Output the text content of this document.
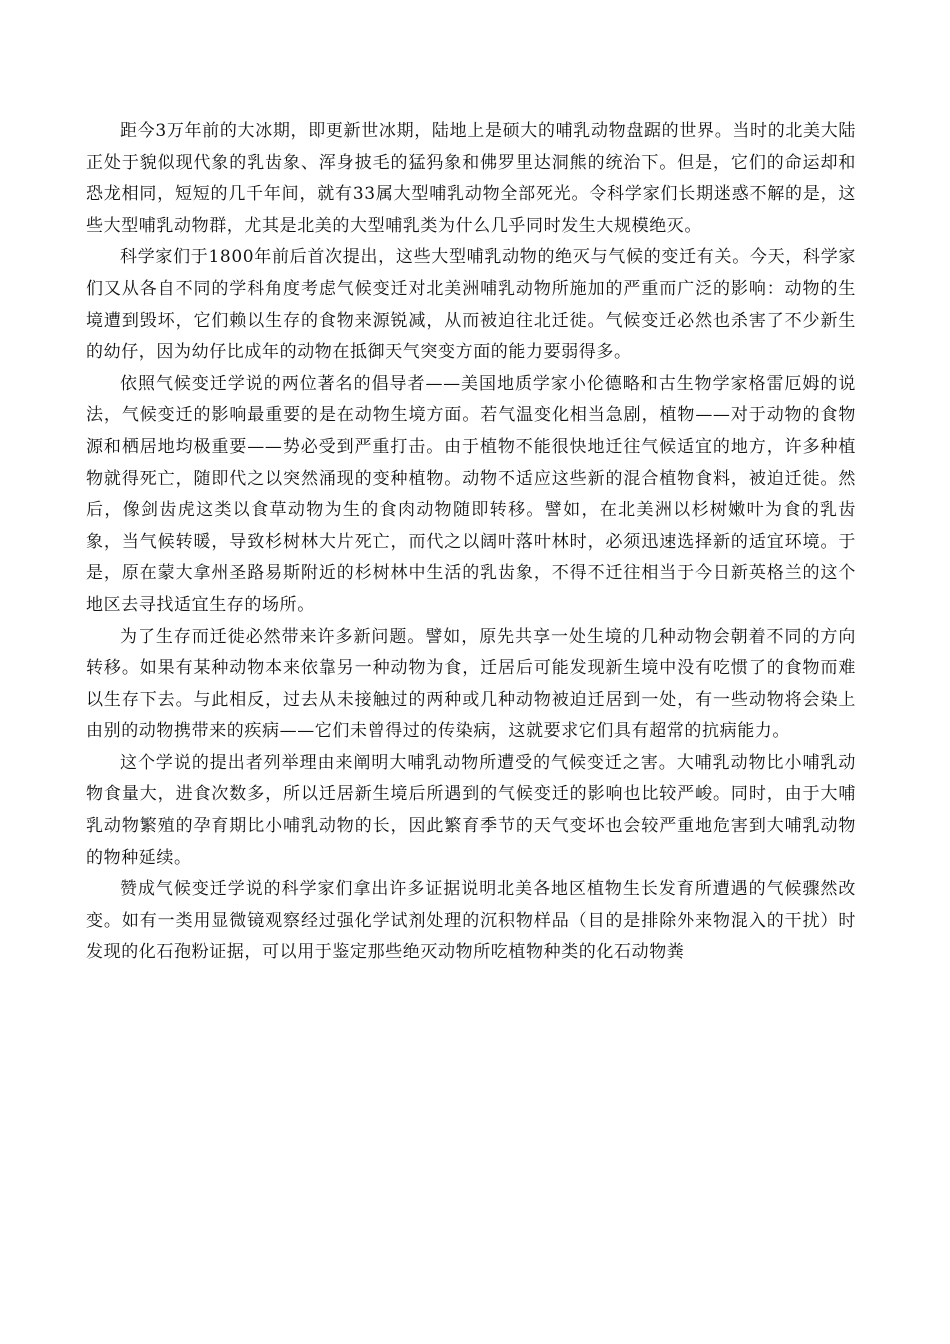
距今3万年前的大冰期，即更新世冰期，陆地上是硕大的哺乳动物盘踞的世界。当时的北美大陆正处于貌似现代象的乳齿象、浑身披毛的猛犸象和佛罗里达洞熊的统治下。但是，它们的命运却和恐龙相同，短短的几千年间，就有33属大型哺乳动物全部死光。令科学家们长期迷惑不解的是，这些大型哺乳动物群，尤其是北美的大型哺乳类为什么几乎同时发生大规模绝灭。

科学家们于1800年前后首次提出，这些大型哺乳动物的绝灭与气候的变迁有关。今天，科学家们又从各自不同的学科角度考虑气候变迁对北美洲哺乳动物所施加的严重而广泛的影响：动物的生境遭到毁坏，它们赖以生存的食物来源锐减，从而被迫往北迁徙。气候变迁必然也杀害了不少新生的幼仔，因为幼仔比成年的动物在抵御天气突变方面的能力要弱得多。

依照气候变迁学说的两位著名的倡导者——美国地质学家小伦德略和古生物学家格雷厄姆的说法，气候变迁的影响最重要的是在动物生境方面。若气温变化相当急剧，植物——对于动物的食物源和栖居地均极重要——势必受到严重打击。由于植物不能很快地迁往气候适宜的地方，许多种植物就得死亡，随即代之以突然涌现的变种植物。动物不适应这些新的混合植物食料，被迫迁徙。然后，像剑齿虎这类以食草动物为生的食肉动物随即转移。譬如，在北美洲以杉树嫩叶为食的乳齿象，当气候转暖，导致杉树林大片死亡，而代之以阔叶落叶林时，必须迅速选择新的适宜环境。于是，原在蒙大拿州圣路易斯附近的杉树林中生活的乳齿象，不得不迁往相当于今日新英格兰的这个地区去寻找适宜生存的场所。

为了生存而迁徙必然带来许多新问题。譬如，原先共享一处生境的几种动物会朝着不同的方向转移。如果有某种动物本来依靠另一种动物为食，迁居后可能发现新生境中没有吃惯了的食物而难以生存下去。与此相反，过去从未接触过的两种或几种动物被迫迁居到一处，有一些动物将会染上由别的动物携带来的疾病——它们未曾得过的传染病，这就要求它们具有超常的抗病能力。

这个学说的提出者列举理由来阐明大哺乳动物所遭受的气候变迁之害。大哺乳动物比小哺乳动物食量大，进食次数多，所以迁居新生境后所遇到的气候变迁的影响也比较严峻。同时，由于大哺乳动物繁殖的孕育期比小哺乳动物的长，因此繁育季节的天气变坏也会较严重地危害到大哺乳动物的物种延续。

赞成气候变迁学说的科学家们拿出许多证据说明北美各地区植物生长发育所遭遇的气候骤然改变。如有一类用显微镜观察经过强化学试剂处理的沉积物样品（目的是排除外来物混入的干扰）时发现的化石孢粉证据，可以用于鉴定那些绝灭动物所吃植物种类的化石动物粪
